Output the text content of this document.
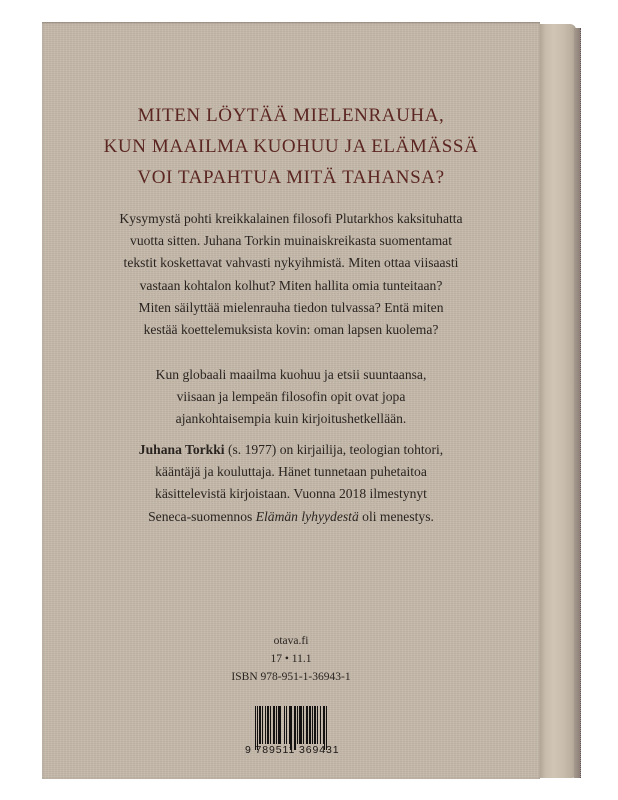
MITEN LÖYTÄÄ MIELENRAUHA,
KUN MAAILMA KUOHUU JA ELÄMÄSSÄ
VOI TAPAHTUA MITÄ TAHANSA?
Kysymystä pohti kreikkalainen filosofi Plutarkhos kaksituhatta
vuotta sitten. Juhana Torkin muinaiskreikasta suomentamat
tekstit koskettavat vahvasti nykyihmistä. Miten ottaa viisaasti
vastaan kohtalon kolhut? Miten hallita omia tunteitaan?
Miten säilyttää mielenrauha tiedon tulvassa? Entä miten
kestää koettelemuksista kovin: oman lapsen kuolema?
Kun globaali maailma kuohuu ja etsii suuntaansa,
viisaan ja lempeän filosofin opit ovat jopa
ajankohtaisempia kuin kirjoitushetkellään.
Juhana Torkki (s. 1977) on kirjailija, teologian tohtori,
kääntäjä ja kouluttaja. Hänet tunnetaan puhetaitoa
käsittelevistä kirjoistaan. Vuonna 2018 ilmestynyt
Seneca-suomennos Elämän lyhyydestä oli menestys.
otava.fi
17 • 11.1
ISBN 978-951-1-36943-1
9 789511 369431
